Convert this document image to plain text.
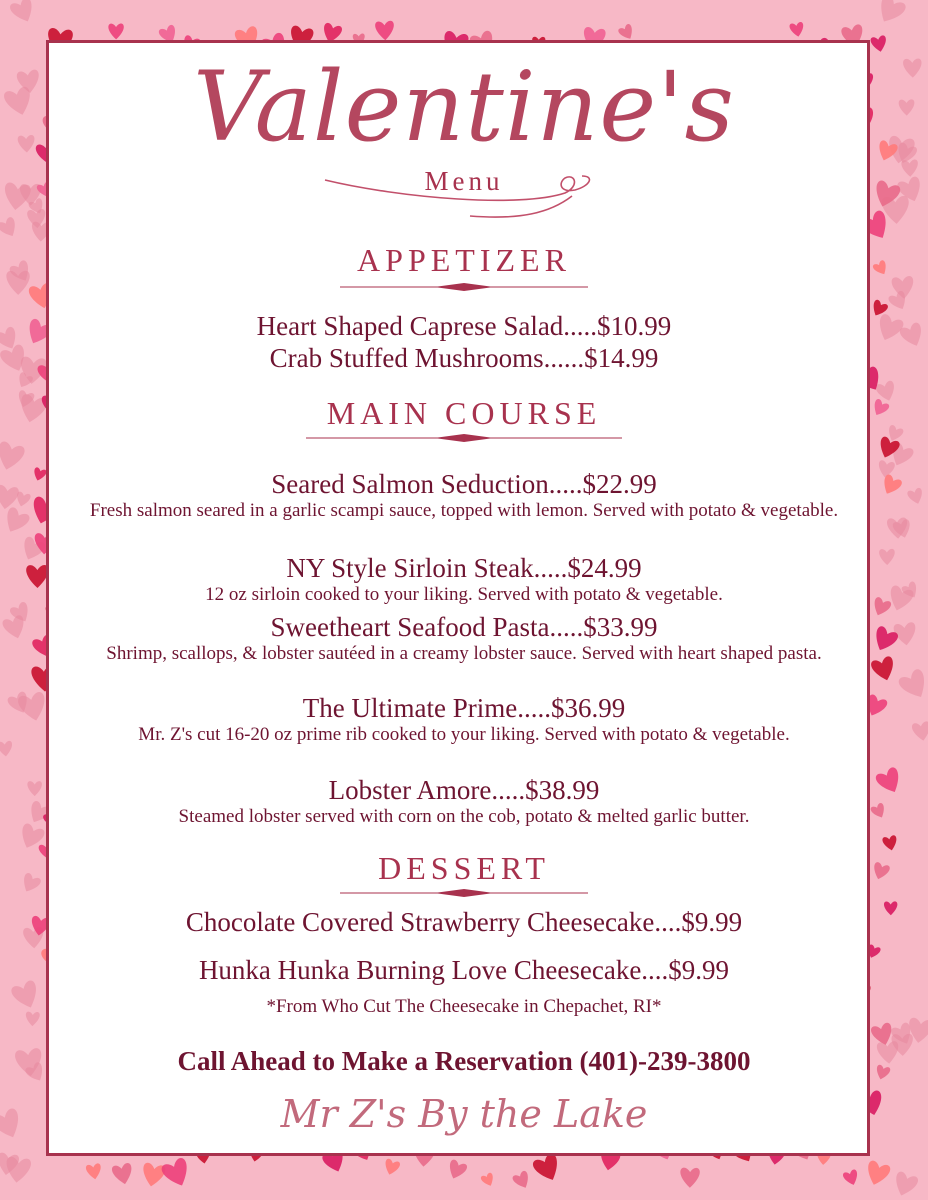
Valentine's
Menu
APPETIZER
Heart Shaped Caprese Salad.....$10.99
Crab Stuffed Mushrooms......$14.99
MAIN COURSE
Seared Salmon Seduction.....$22.99
Fresh salmon seared in a garlic scampi sauce, topped with lemon. Served with potato & vegetable.
NY Style Sirloin Steak.....$24.99
12 oz sirloin cooked to your liking. Served with potato & vegetable.
Sweetheart Seafood Pasta.....$33.99
Shrimp, scallops, & lobster sautéed in a creamy lobster sauce. Served with heart shaped pasta.
The Ultimate Prime.....$36.99
Mr. Z's cut 16-20 oz prime rib cooked to your liking. Served with potato & vegetable.
Lobster Amore.....$38.99
Steamed lobster served with corn on the cob, potato & melted garlic butter.
DESSERT
Chocolate Covered Strawberry Cheesecake....$9.99
Hunka Hunka Burning Love Cheesecake....$9.99
*From Who Cut The Cheesecake in Chepachet, RI*
Call Ahead to Make a Reservation (401)-239-3800
Mr Z's By the Lake
